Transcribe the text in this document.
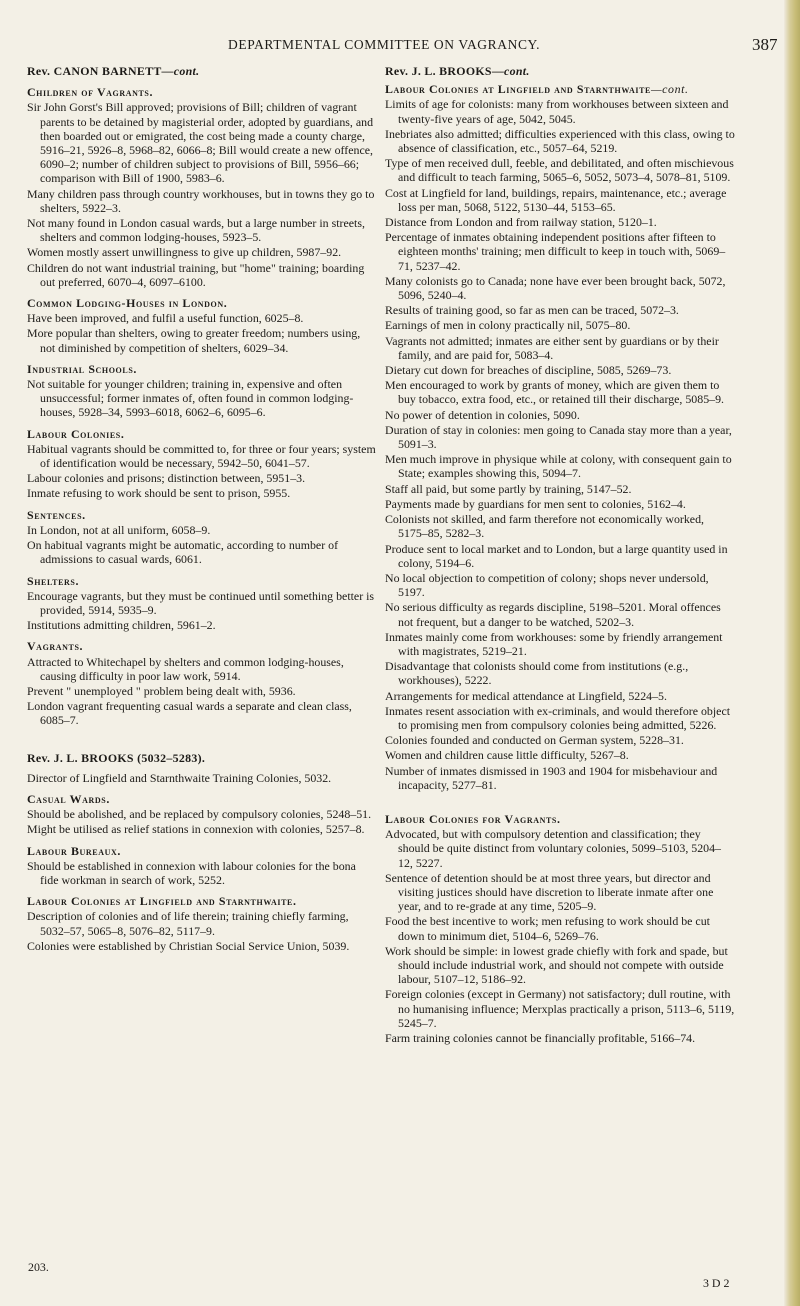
DEPARTMENTAL COMMITTEE ON VAGRANCY.	387

Rev. CANON BARNETT—cont.

Children of Vagrants.

Sir John Gorst's Bill approved; provisions of Bill; children of vagrant parents to be detained by magisterial order, adopted by guardians, and then boarded out or emigrated, the cost being made a county charge, 5916–21, 5926–8, 5968–82, 6066–8; Bill would create a new offence, 6090–2; number of children subject to provisions of Bill, 5956–66; comparison with Bill of 1900, 5983–6.

Many children pass through country workhouses, but in towns they go to shelters, 5922–3.

Not many found in London casual wards, but a large number in streets, shelters and common lodging-houses, 5923–5.

Women mostly assert unwillingness to give up children, 5987–92.

Children do not want industrial training, but "home" training; boarding out preferred, 6070–4, 6097–6100.

Common Lodging-Houses in London.

Have been improved, and fulfil a useful function, 6025–8.

More popular than shelters, owing to greater freedom; numbers using, not diminished by competition of shelters, 6029–34.

Industrial Schools.

Not suitable for younger children; training in, expensive and often unsuccessful; former inmates of, often found in common lodging-houses, 5928–34, 5993–6018, 6062–6, 6095–6.

Labour Colonies.

Habitual vagrants should be committed to, for three or four years; system of identification would be necessary, 5942–50, 6041–57.

Labour colonies and prisons; distinction between, 5951–3.

Inmate refusing to work should be sent to prison, 5955.

Sentences.

In London, not at all uniform, 6058–9.

On habitual vagrants might be automatic, according to number of admissions to casual wards, 6061.

Shelters.

Encourage vagrants, but they must be continued until something better is provided, 5914, 5935–9.

Institutions admitting children, 5961–2.

Vagrants.

Attracted to Whitechapel by shelters and common lodging-houses, causing difficulty in poor law work, 5914.

Prevent " unemployed " problem being dealt with, 5936.

London vagrant frequenting casual wards a separate and clean class, 6085–7.

Rev. J. L. BROOKS (5032–5283).

Director of Lingfield and Starnthwaite Training Colonies, 5032.

Casual Wards.

Should be abolished, and be replaced by compulsory colonies, 5248–51.

Might be utilised as relief stations in connexion with colonies, 5257–8.

Labour Bureaux.

Should be established in connexion with labour colonies for the bona fide workman in search of work, 5252.

Labour Colonies at Lingfield and Starnthwaite.

Description of colonies and of life therein; training chiefly farming, 5032–57, 5065–8, 5076–82, 5117–9.

Colonies were established by Christian Social Service Union, 5039.

203.

Rev. J. L. BROOKS—cont.

Labour Colonies at Lingfield and Starnthwaite—cont.

Limits of age for colonists: many from workhouses between sixteen and twenty-five years of age, 5042, 5045.

Inebriates also admitted; difficulties experienced with this class, owing to absence of classification, etc., 5057–64, 5219.

Type of men received dull, feeble, and debilitated, and often mischievous and difficult to teach farming, 5065–6, 5052, 5073–4, 5078–81, 5109.

Cost at Lingfield for land, buildings, repairs, maintenance, etc.; average loss per man, 5068, 5122, 5130–44, 5153–65.

Distance from London and from railway station, 5120–1.

Percentage of inmates obtaining independent positions after fifteen to eighteen months' training; men difficult to keep in touch with, 5069–71, 5237–42.

Many colonists go to Canada; none have ever been brought back, 5072, 5096, 5240–4.

Results of training good, so far as men can be traced, 5072–3.

Earnings of men in colony practically nil, 5075–80.

Vagrants not admitted; inmates are either sent by guardians or by their family, and are paid for, 5083–4.

Dietary cut down for breaches of discipline, 5085, 5269–73.

Men encouraged to work by grants of money, which are given them to buy tobacco, extra food, etc., or retained till their discharge, 5085–9.

No power of detention in colonies, 5090.

Duration of stay in colonies: men going to Canada stay more than a year, 5091–3.

Men much improve in physique while at colony, with consequent gain to State; examples showing this, 5094–7.

Staff all paid, but some partly by training, 5147–52.

Payments made by guardians for men sent to colonies, 5162–4.

Colonists not skilled, and farm therefore not economically worked, 5175–85, 5282–3.

Produce sent to local market and to London, but a large quantity used in colony, 5194–6.

No local objection to competition of colony; shops never undersold, 5197.

No serious difficulty as regards discipline, 5198–5201. Moral offences not frequent, but a danger to be watched, 5202–3.

Inmates mainly come from workhouses: some by friendly arrangement with magistrates, 5219–21.

Disadvantage that colonists should come from institutions (e.g., workhouses), 5222.

Arrangements for medical attendance at Lingfield, 5224–5.

Inmates resent association with ex-criminals, and would therefore object to promising men from compulsory colonies being admitted, 5226.

Colonies founded and conducted on German system, 5228–31.

Women and children cause little difficulty, 5267–8.

Number of inmates dismissed in 1903 and 1904 for misbehaviour and incapacity, 5277–81.

Labour Colonies for Vagrants.

Advocated, but with compulsory detention and classification; they should be quite distinct from voluntary colonies, 5099–5103, 5204–12, 5227.

Sentence of detention should be at most three years, but director and visiting justices should have discretion to liberate inmate after one year, and to re-grade at any time, 5205–9.

Food the best incentive to work; men refusing to work should be cut down to minimum diet, 5104–6, 5269–76.

Work should be simple: in lowest grade chiefly with fork and spade, but should include industrial work, and should not compete with outside labour, 5107–12, 5186–92.

Foreign colonies (except in Germany) not satisfactory; dull routine, with no humanising influence; Merxplas practically a prison, 5113–6, 5119, 5245–7.

Farm training colonies cannot be financially profitable, 5166–74.

3 D 2
